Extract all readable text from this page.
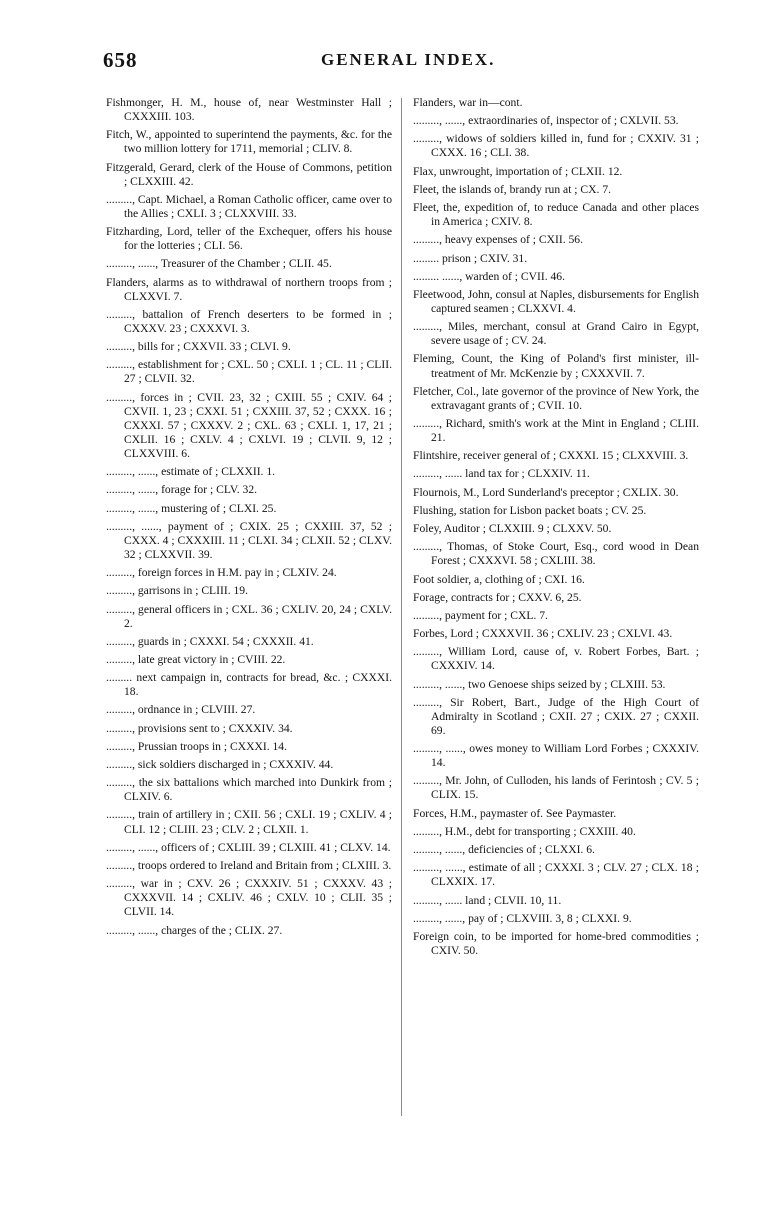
658	GENERAL INDEX.

Fishmonger, H. M., house of, near Westminster Hall ; CXXXIII. 103.

Fitch, W., appointed to superintend the payments, &c. for the two million lottery for 1711, memorial ; CLIV. 8.

Fitzgerald, Gerard, clerk of the House of Commons, petition ; CLXXIII. 42.

........., Capt. Michael, a Roman Catholic officer, came over to the Allies ; CXLI. 3 ; CLXXVIII. 33.

Fitzharding, Lord, teller of the Exchequer, offers his house for the lotteries ; CLI. 56.

........., ......, Treasurer of the Chamber ; CLII. 45.

Flanders, alarms as to withdrawal of northern troops from ; CLXXVI. 7.

........., battalion of French deserters to be formed in ; CXXXV. 23 ; CXXXVI. 3.

........., bills for ; CXXVII. 33 ; CLVI. 9.

........., establishment for ; CXL. 50 ; CXLI. 1 ; CL. 11 ; CLII. 27 ; CLVII. 32.

........., forces in ; CVII. 23, 32 ; CXIII. 55 ; CXIV. 64 ; CXVII. 1, 23 ; CXXI. 51 ; CXXIII. 37, 52 ; CXXX. 16 ; CXXXI. 57 ; CXXXV. 2 ; CXL. 63 ; CXLI. 1, 17, 21 ; CXLII. 16 ; CXLV. 4 ; CXLVI. 19 ; CLVII. 9, 12 ; CLXXVIII. 6.

........., ......, estimate of ; CLXXII. 1.

........., ......, forage for ; CLV. 32.

........., ......, mustering of ; CLXI. 25.

........., ......, payment of ; CXIX. 25 ; CXXIII. 37, 52 ; CXXX. 4 ; CXXXIII. 11 ; CLXI. 34 ; CLXII. 52 ; CLXV. 32 ; CLXXVII. 39.

........., foreign forces in H.M. pay in ; CLXIV. 24.

........., garrisons in ; CLIII. 19.

........., general officers in ; CXL. 36 ; CXLIV. 20, 24 ; CXLV. 2.

........., guards in ; CXXXI. 54 ; CXXXII. 41.

........., late great victory in ; CVIII. 22.

......... next campaign in, contracts for bread, &c. ; CXXXI. 18.

........., ordnance in ; CLVIII. 27.

........., provisions sent to ; CXXXIV. 34.

........., Prussian troops in ; CXXXI. 14.

........., sick soldiers discharged in ; CXXXIV. 44.

........., the six battalions which marched into Dunkirk from ; CLXIV. 6.

........., train of artillery in ; CXII. 56 ; CXLI. 19 ; CXLIV. 4 ; CLI. 12 ; CLIII. 23 ; CLV. 2 ; CLXII. 1.

........., ......, officers of ; CXLIII. 39 ; CLXIII. 41 ; CLXV. 14.

........., troops ordered to Ireland and Britain from ; CLXIII. 3.

........., war in ; CXV. 26 ; CXXXIV. 51 ; CXXXV. 43 ; CXXXVII. 14 ; CXLIV. 46 ; CXLV. 10 ; CLII. 35 ; CLVII. 14.

........., ......, charges of the ; CLIX. 27.

Flanders, war in—cont.

........., ......, extraordinaries of, inspector of ; CXLVII. 53.

........., widows of soldiers killed in, fund for ; CXXIV. 31 ; CXXX. 16 ; CLI. 38.

Flax, unwrought, importation of ; CLXII. 12.

Fleet, the islands of, brandy run at ; CX. 7.

Fleet, the, expedition of, to reduce Canada and other places in America ; CXIV. 8.

........., heavy expenses of ; CXII. 56.

......... prison ; CXIV. 31.

......... ......, warden of ; CVII. 46.

Fleetwood, John, consul at Naples, disbursements for English captured seamen ; CLXXVI. 4.

........., Miles, merchant, consul at Grand Cairo in Egypt, severe usage of ; CV. 24.

Fleming, Count, the King of Poland's first minister, ill-treatment of Mr. McKenzie by ; CXXXVII. 7.

Fletcher, Col., late governor of the province of New York, the extravagant grants of ; CVII. 10.

........., Richard, smith's work at the Mint in England ; CLIII. 21.

Flintshire, receiver general of ; CXXXI. 15 ; CLXXVIII. 3.

........., ...... land tax for ; CLXXIV. 11.

Flournois, M., Lord Sunderland's preceptor ; CXLIX. 30.

Flushing, station for Lisbon packet boats ; CV. 25.

Foley, Auditor ; CLXXIII. 9 ; CLXXV. 50.

........., Thomas, of Stoke Court, Esq., cord wood in Dean Forest ; CXXXVI. 58 ; CXLIII. 38.

Foot soldier, a, clothing of ; CXI. 16.

Forage, contracts for ; CXXV. 6, 25.

........., payment for ; CXL. 7.

Forbes, Lord ; CXXXVII. 36 ; CXLIV. 23 ; CXLVI. 43.

........., William Lord, cause of, v. Robert Forbes, Bart. ; CXXXIV. 14.

........., ......, two Genoese ships seized by ; CLXIII. 53.

........., Sir Robert, Bart., Judge of the High Court of Admiralty in Scotland ; CXII. 27 ; CXIX. 27 ; CXXII. 69.

........., ......, owes money to William Lord Forbes ; CXXXIV. 14.

........., Mr. John, of Culloden, his lands of Ferintosh ; CV. 5 ; CLIX. 15.

Forces, H.M., paymaster of. See Paymaster.

........., H.M., debt for transporting ; CXXIII. 40.

........., ......, deficiencies of ; CLXXI. 6.

........., ......, estimate of all ; CXXXI. 3 ; CLV. 27 ; CLX. 18 ; CLXXIX. 17.

........., ...... land ; CLVII. 10, 11.

........., ......, pay of ; CLXVIII. 3, 8 ; CLXXI. 9.

Foreign coin, to be imported for home-bred commodities ; CXIV. 50.
